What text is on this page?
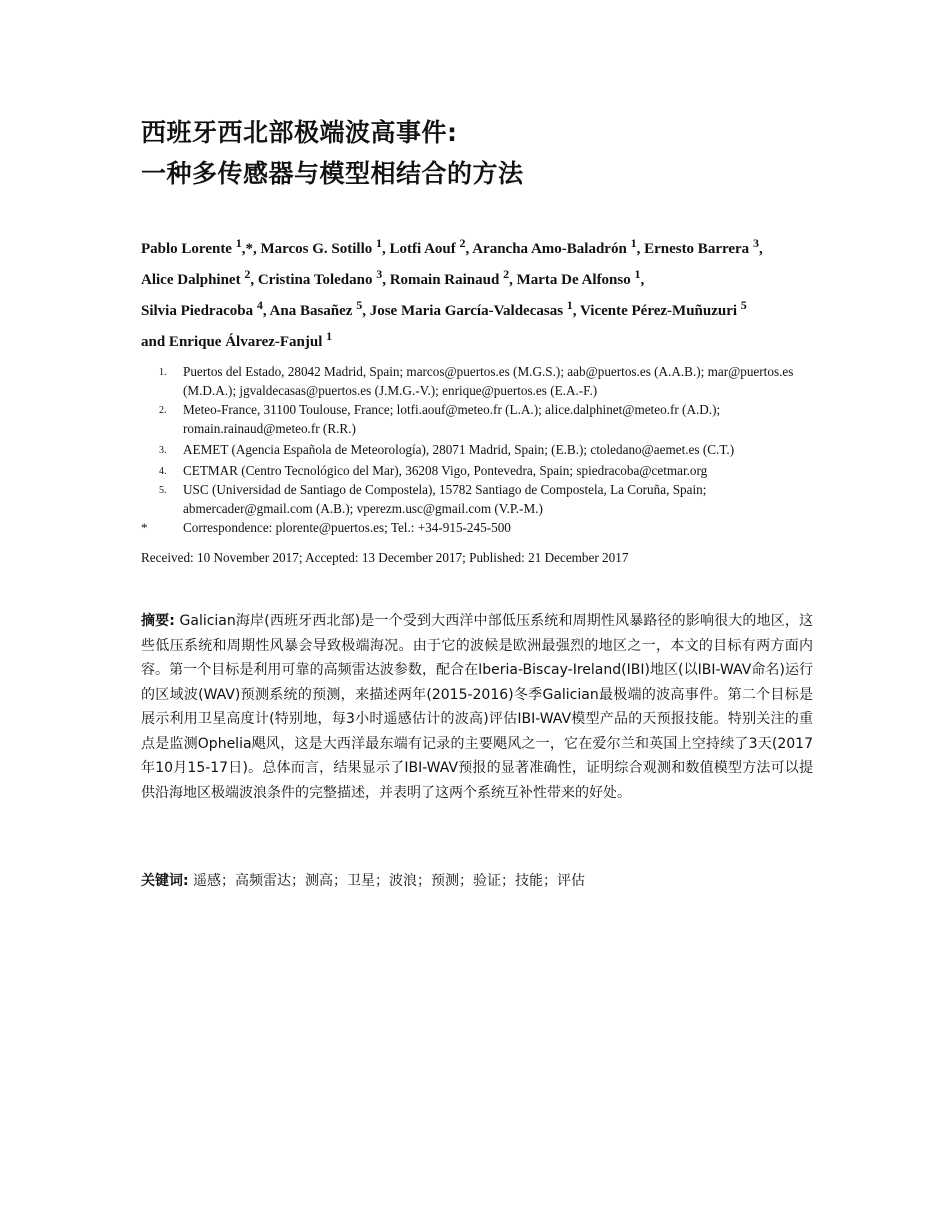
西班牙西北部极端波高事件:
一种多传感器与模型相结合的方法
Pablo Lorente $^1$,*, Marcos G. Sotillo $^1$, Lotfi Aouf $^2$, Arancha Amo-Baladrón $^1$, Ernesto Barrera $^3$,
Alice Dalphinet $^2$, Cristina Toledano $^3$, Romain Rainaud $^2$, Marta De Alfonso $^1$,
Silvia Piedracoba $^4$, Ana Basañez $^5$, Jose Maria García-Valdecasas $^1$, Vicente Pérez-Muñuzuri $^5$
and Enrique Álvarez-Fanjul $^1$
1. Puertos del Estado, 28042 Madrid, Spain; marcos@puertos.es (M.G.S.); aab@puertos.es (A.A.B.); mar@puertos.es (M.D.A.); jgvaldecasas@puertos.es (J.M.G.-V.); enrique@puertos.es (E.A.-F.)
2. Meteo-France, 31100 Toulouse, France; lotfi.aouf@meteo.fr (L.A.); alice.dalphinet@meteo.fr (A.D.); romain.rainaud@meteo.fr (R.R.)
3. AEMET (Agencia Española de Meteorología), 28071 Madrid, Spain; (E.B.); ctoledano@aemet.es (C.T.)
4. CETMAR (Centro Tecnológico del Mar), 36208 Vigo, Pontevedra, Spain; spiedracoba@cetmar.org
5. USC (Universidad de Santiago de Compostela), 15782 Santiago de Compostela, La Coruña, Spain; abmercader@gmail.com (A.B.); vperezm.usc@gmail.com (V.P.-M.)
*	Correspondence: plorente@puertos.es; Tel.: +34-915-245-500
Received: 10 November 2017; Accepted: 13 December 2017; Published: 21 December 2017
摘要: Galician海岸(西班牙西北部)是一个受到大西洋中部低压系统和周期性风暴路径的影响很大的地区，这些低压系统和周期性风暴会导致极端海况。由于它的波候是欧洲最强烈的地区之一，本文的目标有两方面内容。第一个目标是利用可靠的高频雷达波参数，配合在Iberia-Biscay-Ireland(IBI)地区(以IBI-WAV命名)运行的区域波(WAV)预测系统的预测，来描述两年(2015-2016)冬季Galician最极端的波高事件。第二个目标是展示利用卫星高度计(特别地，每3小时遥感估计的波高)评估IBI-WAV模型产品的天预报技能。特别关注的重点是监测Ophelia飓风，这是大西洋最东端有记录的主要飓风之一，它在爱尔兰和英国上空持续了3天(2017年10月15-17日)。总体而言，结果显示了IBI-WAV预报的显著准确性，证明综合观测和数值模型方法可以提供沿海地区极端波浪条件的完整描述，并表明了这两个系统互补性带来的好处。
关键词: 遥感；高频雷达；测高；卫星；波浪；预测；验证；技能；评估
